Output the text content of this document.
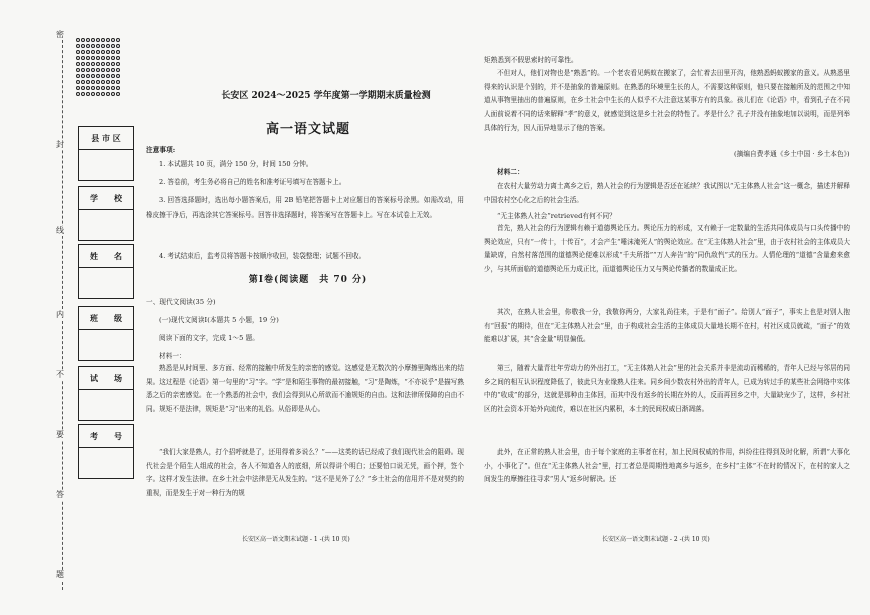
密
封
线
内
不
要
答
题
县 市 区
学　　校
姓　　名
班　　级
试　　场
考　　号
长安区 2024～2025 学年度第一学期期末质量检测
高一语文试题
注意事项:
1. 本试题共 10 页，满分 150 分，时间 150 分钟。
2. 答卷前，考生务必将自己的姓名和准考证号填写在答题卡上。
3. 回答选择题时，选出每小题答案后，用 2B 铅笔把答题卡上对应题目的答案标号涂黑。如需改动，用橡皮擦干净后，再选涂其它答案标号。回答非选择题时，将答案写在答题卡上。写在本试卷上无效。
4. 考试结束后，监考员将答题卡按顺序收回，装袋整理；试题不回收。
第Ⅰ卷(阅读题　共 70 分)
一、现代文阅读(35 分)
(一)现代文阅读Ⅰ(本题共 5 小题，19 分)
阅读下面的文字，完成 1～5 题。
材料一：
熟悉是从时间里、多方面、经常的接触中所发生的亲密的感觉。这感觉是无数次的小摩擦里陶炼出来的结果。这过程是《论语》第一句里的“习”字。“学”是和陌生事物的最初接触，“习”是陶炼，“不亦说乎”是描写熟悉之后的亲密感觉。在一个熟悉的社会中，我们会得到从心所欲而不逾规矩的自由。这和法律所保障的自由不同。规矩不是法律，规矩是“习”出来的礼俗。从俗即是从心。
“我们大家是熟人，打个招呼就是了，还用得着多说么？”——这类的话已经成了我们现代社会的阻碍。现代社会是个陌生人组成的社会，各人不知道各人的底细，所以得讲个明白；还要怕口说无凭，画个押，签个字。这样才发生法律。在乡土社会中法律是无从发生的。“这不是见外了么？”乡土社会的信用并不是对契约的重视，而是发生于对一种行为的规
长安区高一语文期末试题 - 1 -(共 10 页)
矩熟悉到不假思索时的可靠性。
不但对人，他们对物也是“熟悉”的。一个老农看见蚂蚁在搬家了，会忙着去田里开沟，他熟悉蚂蚁搬家的意义。从熟悉里得来的认识是个别的，并不是抽象的普遍原则。在熟悉的环境里生长的人，不需要这种原则，他只要在接触所及的范围之中知道从事物里抽出的普遍原则，在乡土社会中生长的人似乎不大注意这某事方有的具象。孩儿们在《论语》中，看到孔子在不同人面前说着不同的话来解释“孝”的意义，就感觉到这是乡土社会的特性了。孝是什么？孔子并没有抽象地加以说明，而是列举具体的行为，因人而异地显示了他的答案。
(摘编自费孝通《乡土中国 · 乡土本色》)
材料二：
在农村大量劳动力离土离乡之后，熟人社会的行为逻辑是否还在延续？我试图以“无主体熟人社会”这一概念，描述并解释中国农村空心化之后的社会生活。
“无主体熟人社会”retrieved有何不同？
首先，熟人社会的行为逻辑有赖于道德舆论压力。舆论压力的形成，又有赖于一定数量的生活共同体成员与口头传播中的舆论效应，只有“一传十，十传百”，才会产生“唾沫淹死人”的舆论效应。在“无主体熟人社会”里，由于农村社会的主体成员大量缺席，自然村落范围的道德舆论便难以形成“千夫所指”“万人奔告”的“同仇敌忾”式的压力。人情伦理的“道德”含量愈来愈少，与其所面临的道德舆论压力成正比，而道德舆论压力又与舆论传播者的数量成正比。
其次，在熟人社会里，你敬我一分，我敬你两分，大家礼尚往来，于是有“面子”。给别人“面子”，事实上也是对别人抱有“回报”的期待，但在“无主体熟人社会”里，由于构成社会生活的主体成员大量地长期不在村，村社区成员就疏，“面子”的效能难以扩展，其“含金量”明显偏低。
第三，随着大量青壮年劳动力的外出打工，“无主体熟人社会”里的社会关系并非是流动而稀稀的，青年人已经与邻居的同乡之间的相互认识程度降低了，彼此只为业缘熟人往来。同乡间少数农村外出的青年人，已成为转过手的某些社会网络中实体中的“收成”的部分，这就是那种由主体回，而其中没有返乡的长期在外的人，反而再回乡之中，大量缺宠少了，这样，乡村社区的社会资本开始外向流传，难以在社区内累积，本土的民间权威日渐凋落。
此外，在正常的熟人社会里，由于每个家庭的主事者在村，加上民间权威的作用，纠纷往往得到及时化解，所谓“大事化小，小事化了”。但在“无主体熟人社会”里，打工者总是周期性地离乡与返乡，在乡村“主体”不在时的情况下，在村的家人之间发生的摩擦往往寻求“男人”返乡时解决。还
长安区高一语文期末试题 - 2 -(共 10 页)
